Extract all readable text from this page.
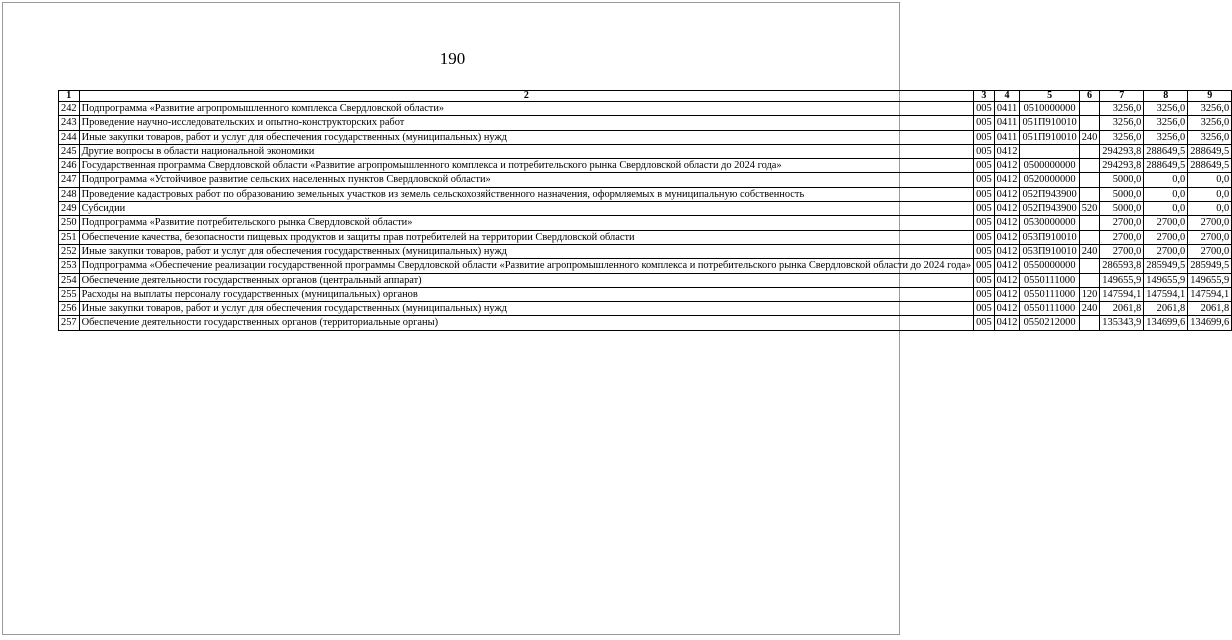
190
1	2	3	4	5	6	7	8	9
242	Подпрограмма «Развитие агропромышленного комплекса Свердловской области»	005	0411	0510000000		3256,0	3256,0	3256,0
243	Проведение научно-исследовательских и опытно-конструкторских работ	005	0411	051П910010		3256,0	3256,0	3256,0
244	Иные закупки товаров, работ и услуг для обеспечения государственных (муниципальных) нужд	005	0411	051П910010	240	3256,0	3256,0	3256,0
245	Другие вопросы в области национальной экономики	005	0412			294293,8	288649,5	288649,5
246	Государственная программа Свердловской области «Развитие агропромышленного комплекса и потребительского рынка Свердловской области до 2024 года»	005	0412	0500000000		294293,8	288649,5	288649,5
247	Подпрограмма «Устойчивое развитие сельских населенных пунктов Свердловской области»	005	0412	0520000000		5000,0	0,0	0,0
248	Проведение кадастровых работ по образованию земельных участков из земель сельскохозяйственного назначения, оформляемых в муниципальную собственность	005	0412	052П943900		5000,0	0,0	0,0
249	Субсидии	005	0412	052П943900	520	5000,0	0,0	0,0
250	Подпрограмма «Развитие потребительского рынка Свердловской области»	005	0412	0530000000		2700,0	2700,0	2700,0
251	Обеспечение качества, безопасности пищевых продуктов и защиты прав потребителей на территории Свердловской области	005	0412	053П910010		2700,0	2700,0	2700,0
252	Иные закупки товаров, работ и услуг для обеспечения государственных (муниципальных) нужд	005	0412	053П910010	240	2700,0	2700,0	2700,0
253	Подпрограмма «Обеспечение реализации государственной программы Свердловской области «Развитие агропромышленного комплекса и потребительского рынка Свердловской области до 2024 года»	005	0412	0550000000		286593,8	285949,5	285949,5
254	Обеспечение деятельности государственных органов (центральный аппарат)	005	0412	0550111000		149655,9	149655,9	149655,9
255	Расходы на выплаты персоналу государственных (муниципальных) органов	005	0412	0550111000	120	147594,1	147594,1	147594,1
256	Иные закупки товаров, работ и услуг для обеспечения государственных (муниципальных) нужд	005	0412	0550111000	240	2061,8	2061,8	2061,8
257	Обеспечение деятельности государственных органов (территориальные органы)	005	0412	0550212000		135343,9	134699,6	134699,6
